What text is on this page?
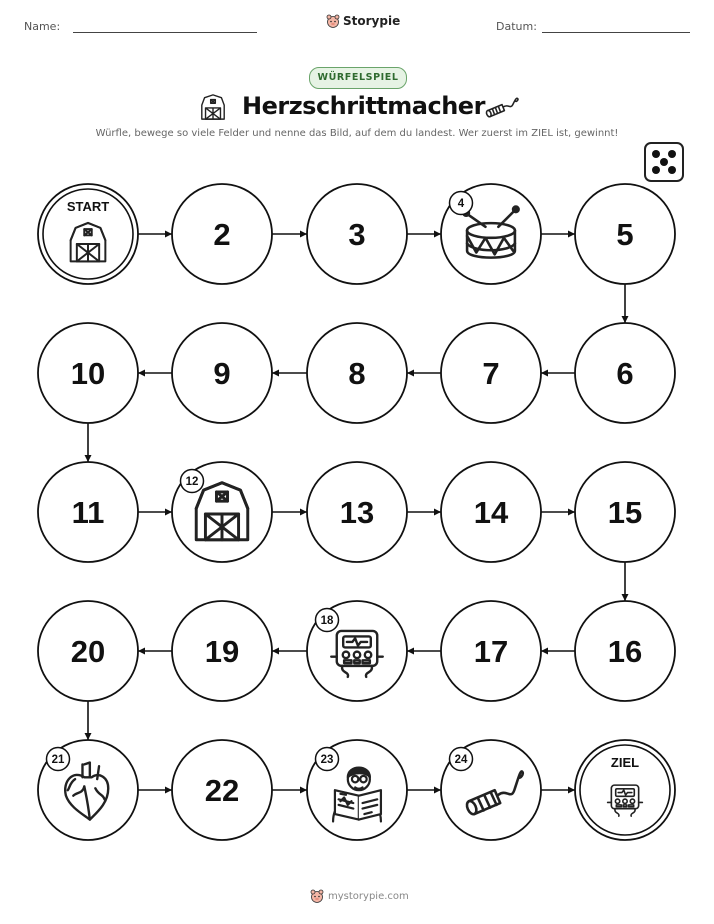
Name:	Storypie	Datum:
WÜRFELSPIEL
Herzschrittmacher
Würfle, bewege so viele Felder und nenne das Bild, auf dem du landest. Wer zuerst im ZIEL ist, gewinnt!
START
2	3
4
5
6
7
8
9
10
11
12
13	14	15
16
17
18
19
20
21
22
23	24	ZIEL
mystorypie.com
